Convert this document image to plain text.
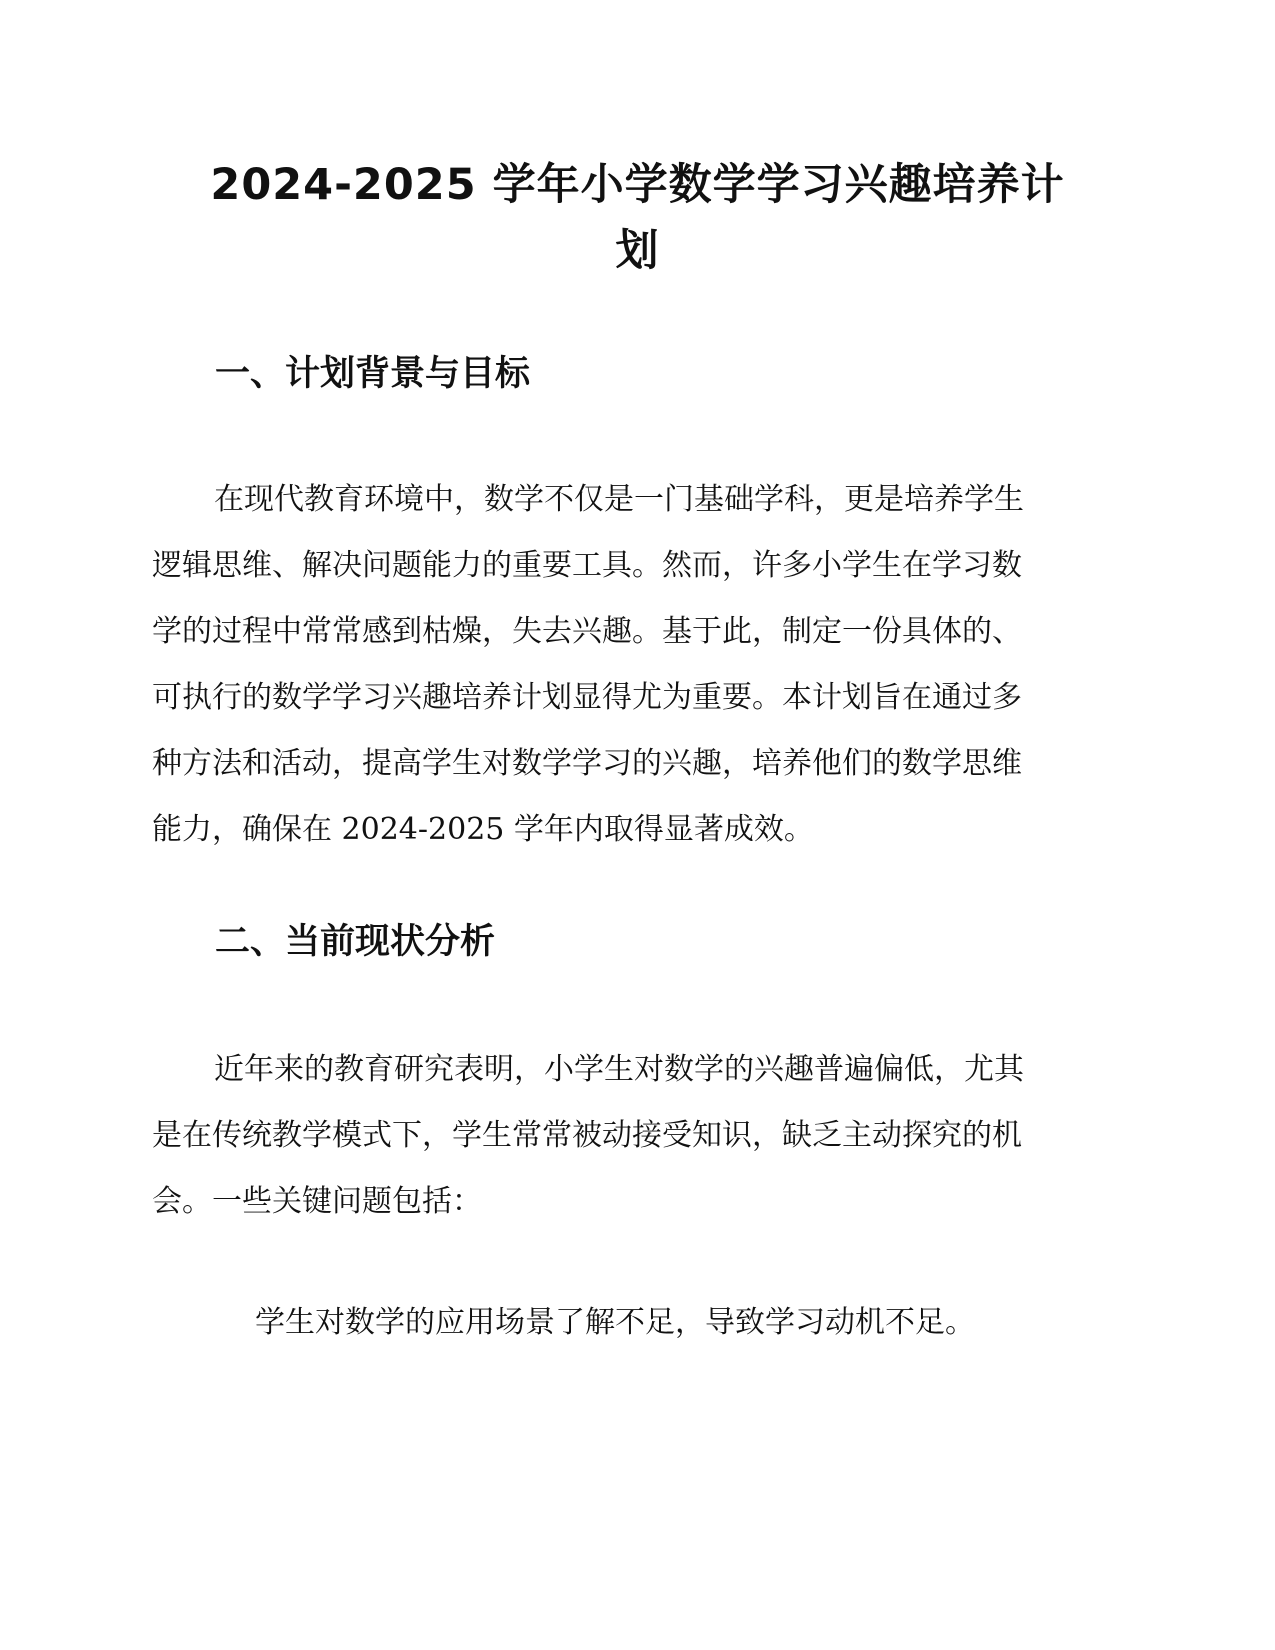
2024-2025 学年小学数学学习兴趣培养计
划
一、计划背景与目标
在现代教育环境中，数学不仅是一门基础学科，更是培养学生
逻辑思维、解决问题能力的重要工具。然而，许多小学生在学习数
学的过程中常常感到枯燥，失去兴趣。基于此，制定一份具体的、
可执行的数学学习兴趣培养计划显得尤为重要。本计划旨在通过多
种方法和活动，提高学生对数学学习的兴趣，培养他们的数学思维
能力，确保在 2024-2025 学年内取得显著成效。
二、当前现状分析
近年来的教育研究表明，小学生对数学的兴趣普遍偏低，尤其
是在传统教学模式下，学生常常被动接受知识，缺乏主动探究的机
会。一些关键问题包括：

学生对数学的应用场景了解不足，导致学习动机不足。
